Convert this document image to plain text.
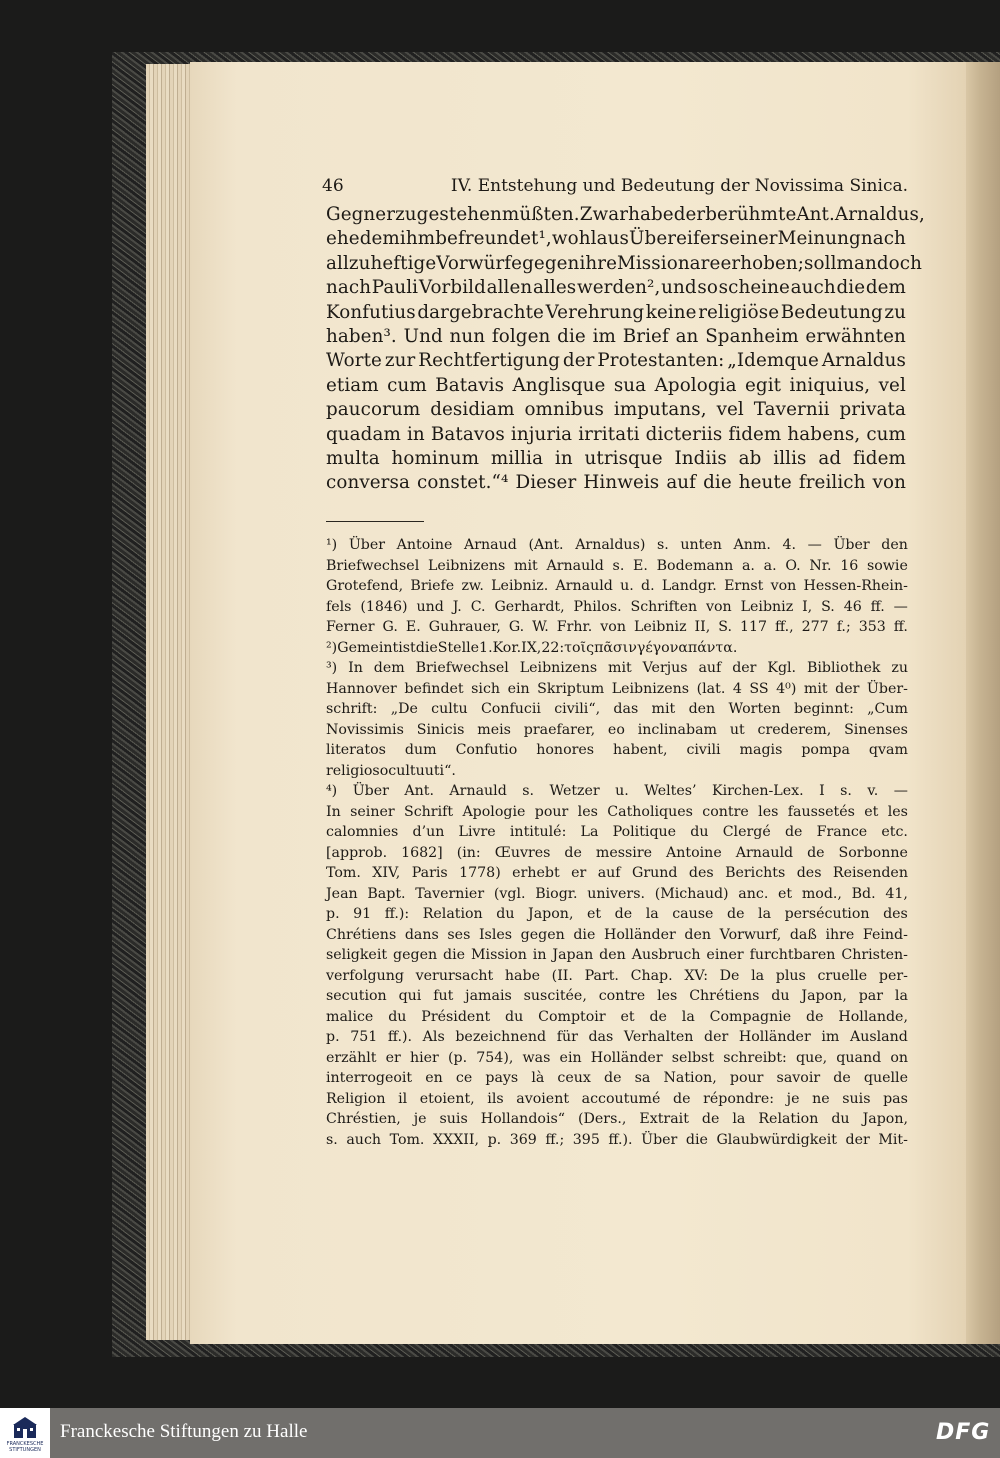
46	IV. Entstehung und Bedeutung der Novissima Sinica.
Gegner zugestehen müßten. Zwar habe der berühmte Ant. Arnaldus,
ehedem ihm befreundet¹, wohl aus Übereifer seiner Meinung nach
allzu heftige Vorwürfe gegen ihre Missionare erhoben; soll man doch
nach Pauli Vorbild allen alles werden², und so scheine auch die dem
Konfutius dargebrachte Verehrung keine religiöse Bedeutung zu
haben³. Und nun folgen die im Brief an Spanheim erwähnten
Worte zur Rechtfertigung der Protestanten: „Idemque Arnaldus
etiam cum Batavis Anglisque sua Apologia egit iniquius, vel
paucorum desidiam omnibus imputans, vel Tavernii privata
quadam in Batavos injuria irritati dicteriis fidem habens, cum
multa hominum millia in utrisque Indiis ab illis ad fidem
conversa constet.“⁴ Dieser Hinweis auf die heute freilich von
¹) Über Antoine Arnaud (Ant. Arnaldus) s. unten Anm. 4. — Über den
Briefwechsel Leibnizens mit Arnauld s. E. Bodemann a. a. O. Nr. 16 sowie
Grotefend, Briefe zw. Leibniz. Arnauld u. d. Landgr. Ernst von Hessen-Rhein-
fels (1846) und J. C. Gerhardt, Philos. Schriften von Leibniz I, S. 46 ff. —
Ferner G. E. Guhrauer, G. W. Frhr. von Leibniz II, S. 117 ff., 277 f.; 353 ff.
²) Gemeint ist die Stelle 1. Kor. IX, 22: τοῖς πᾶσιν γέγονα πάντα.
³) In dem Briefwechsel Leibnizens mit Verjus auf der Kgl. Bibliothek zu
Hannover befindet sich ein Skriptum Leibnizens (lat. 4 SS 4⁰) mit der Über-
schrift: „De cultu Confucii civili“, das mit den Worten beginnt: „Cum
Novissimis Sinicis meis praefarer, eo inclinabam ut crederem, Sinenses
literatos dum Confutio honores habent, civili magis pompa qvam
religioso cultu uti“.
⁴) Über Ant. Arnauld s. Wetzer u. Weltes’ Kirchen-Lex. I s. v. —
In seiner Schrift Apologie pour les Catholiques contre les faussetés et les
calomnies d’un Livre intitulé: La Politique du Clergé de France etc.
[approb. 1682] (in: Œuvres de messire Antoine Arnauld de Sorbonne
Tom. XIV, Paris 1778) erhebt er auf Grund des Berichts des Reisenden
Jean Bapt. Tavernier (vgl. Biogr. univers. (Michaud) anc. et mod., Bd. 41,
p. 91 ff.): Relation du Japon, et de la cause de la persécution des
Chrétiens dans ses Isles gegen die Holländer den Vorwurf, daß ihre Feind-
seligkeit gegen die Mission in Japan den Ausbruch einer furchtbaren Christen-
verfolgung verursacht habe (II. Part. Chap. XV: De la plus cruelle per-
secution qui fut jamais suscitée, contre les Chrétiens du Japon, par la
malice du Président du Comptoir et de la Compagnie de Hollande,
p. 751 ff.). Als bezeichnend für das Verhalten der Holländer im Ausland
erzählt er hier (p. 754), was ein Holländer selbst schreibt: que, quand on
interrogeoit en ce pays là ceux de sa Nation, pour savoir de quelle
Religion il etoient, ils avoient accoutumé de répondre: je ne suis pas
Chréstien, je suis Hollandois“ (Ders., Extrait de la Relation du Japon,
s. auch Tom. XXXII, p. 369 ff.; 395 ff.). Über die Glaubwürdigkeit der Mit-
FRANCKESCHE STIFTUNGEN
Franckesche Stiftungen zu Halle	DFG
